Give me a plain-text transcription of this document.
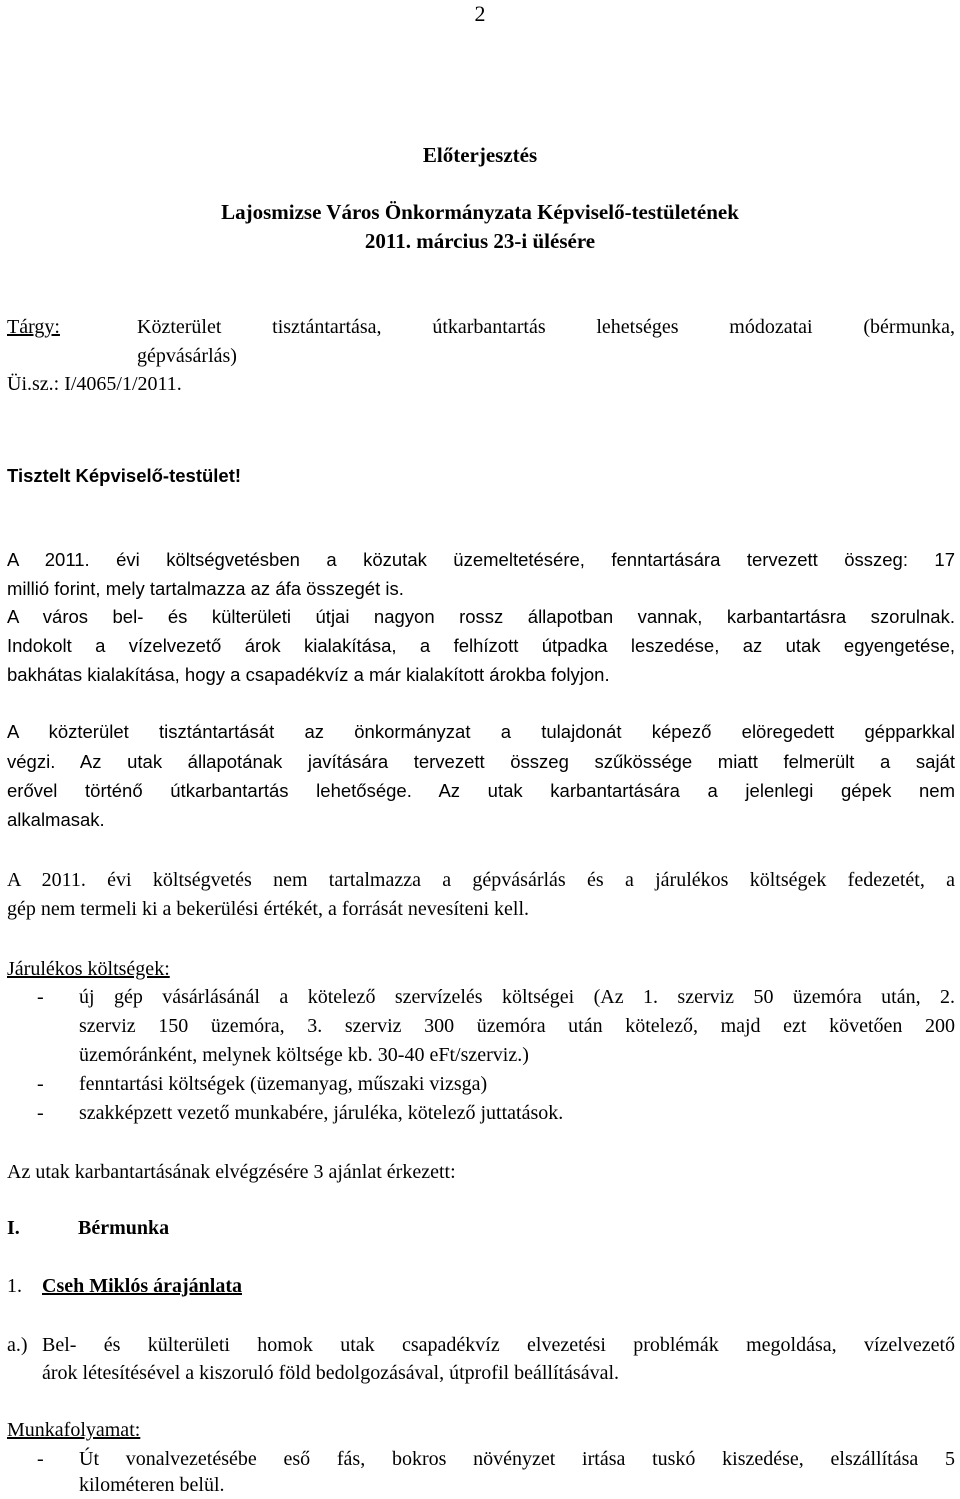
2
Előterjesztés
Lajosmizse Város Önkormányzata Képviselő-testületének
2011. március 23-i ülésére
Tárgy:	Közterület tisztántartása, útkarbantartás lehetséges módozatai (bérmunka,
gépvásárlás)
Üi.sz.: I/4065/1/2011.
Tisztelt Képviselő-testület!
A 2011. évi költségvetésben a közutak üzemeltetésére, fenntartására tervezett összeg: 17
millió forint, mely tartalmazza az áfa összegét is.
A város bel- és külterületi útjai nagyon rossz állapotban vannak, karbantartásra szorulnak.
Indokolt a vízelvezető árok kialakítása, a felhízott útpadka leszedése, az utak egyengetése,
bakhátas kialakítása, hogy a csapadékvíz a már kialakított árokba folyjon.
A közterület tisztántartását az önkormányzat a tulajdonát képező elöregedett gépparkkal
végzi. Az utak állapotának javítására tervezett összeg szűkössége miatt felmerült a saját
erővel történő útkarbantartás lehetősége. Az utak karbantartására a jelenlegi gépek nem
alkalmasak.
A 2011. évi költségvetés nem tartalmazza a gépvásárlás és a járulékos költségek fedezetét, a
gép nem termeli ki a bekerülési értékét, a forrását nevesíteni kell.
Járulékos költségek:
- új gép vásárlásánál a kötelező szervízelés költségei (Az 1. szerviz 50 üzemóra után, 2.
szerviz 150 üzemóra, 3. szerviz 300 üzemóra után kötelező, majd ezt követően 200
üzemóránként, melynek költsége kb. 30-40 eFt/szerviz.)
- fenntartási költségek (üzemanyag, műszaki vizsga)
- szakképzett vezető munkabére, járuléka, kötelező juttatások.
Az utak karbantartásának elvégzésére 3 ajánlat érkezett:
I.	Bérmunka
1. Cseh Miklós árajánlata
a.) Bel- és külterületi homok utak csapadékvíz elvezetési problémák megoldása, vízelvezető
árok létesítésével a kiszoruló föld bedolgozásával, útprofil beállításával.
Munkafolyamat:
- Út vonalvezetésébe eső fás, bokros növényzet irtása tuskó kiszedése, elszállítása 5
kilométeren belül.
